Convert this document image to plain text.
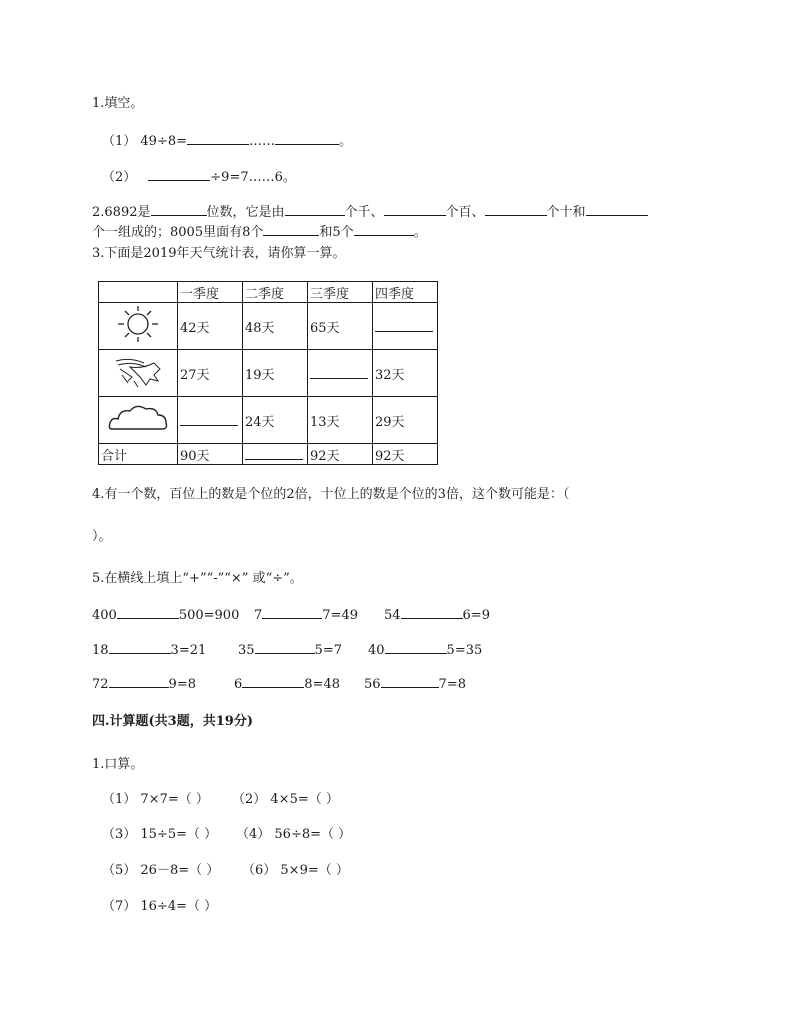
1.填空。
（1） 49÷8=	……	。
（2）	÷9=7……6。
2.6892是	位数，它是由	个千、	个百、	个十和
个一组成的；8005里面有8个	和5个	。
3.下面是2019年天气统计表，请你算一算。
	一季度	二季度	三季度	四季度
	42天	48天	65天	
	27天	19天		32天
		24天	13天	29天
合计	90天		92天	92天
4.有一个数，百位上的数是个位的2倍，十位上的数是个位的3倍，这个数可能是：（
）。
5.在横线上填上“+”“-”“×” 或“÷”。
400	500=900 7	7=49 54	6=9
18	3=21 35	5=7 40	5=35
72	9=8	6	8=48 56	7=8
四.计算题(共3题，共19分)
1.口算。
（1） 7×7=（ ） （2） 4×5=（ ）
（3） 15÷5=（ ） （4） 56÷8=（ ）
（5） 26－8=（ ） （6） 5×9=（ ）
（7） 16÷4=（ ）
